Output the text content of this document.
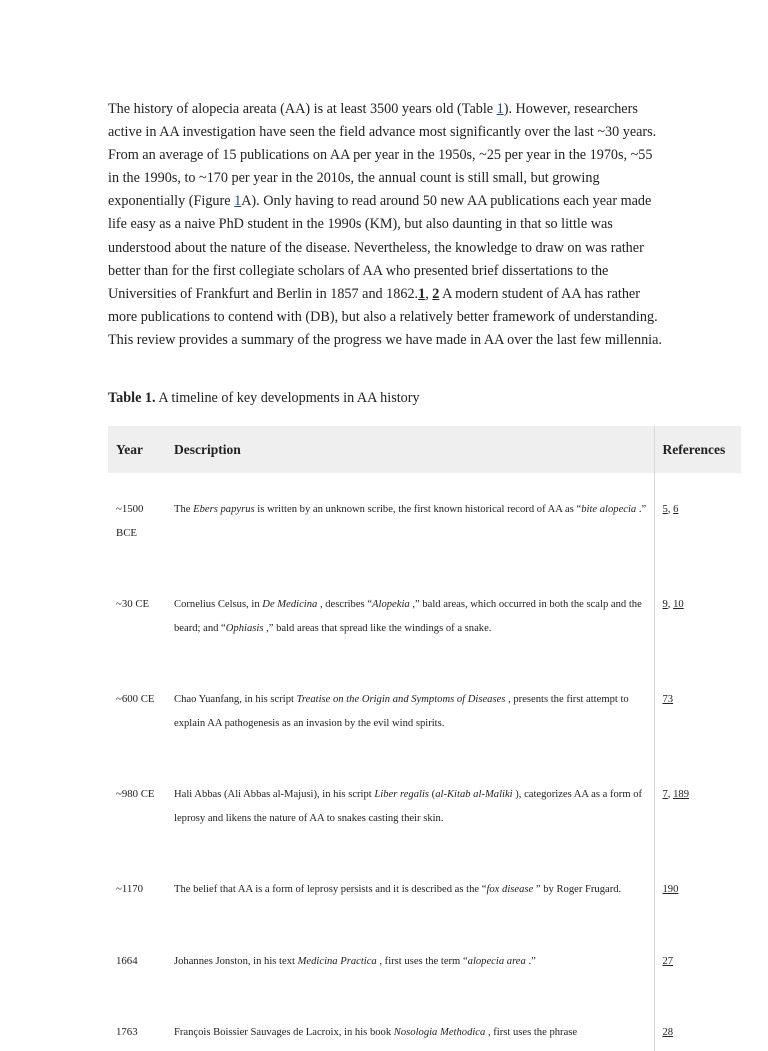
The history of alopecia areata (AA) is at least 3500 years old (Table 1). However, researchers active in AA investigation have seen the field advance most significantly over the last ~30 years. From an average of 15 publications on AA per year in the 1950s, ~25 per year in the 1970s, ~55 in the 1990s, to ~170 per year in the 2010s, the annual count is still small, but growing exponentially (Figure 1A). Only having to read around 50 new AA publications each year made life easy as a naive PhD student in the 1990s (KM), but also daunting in that so little was understood about the nature of the disease. Nevertheless, the knowledge to draw on was rather better than for the first collegiate scholars of AA who presented brief dissertations to the Universities of Frankfurt and Berlin in 1857 and 1862.1, 2 A modern student of AA has rather more publications to contend with (DB), but also a relatively better framework of understanding. This review provides a summary of the progress we have made in AA over the last few millennia.

Table 1. A timeline of key developments in AA history

Year	Description	References
~1500 BCE	The Ebers papyrus is written by an unknown scribe, the first known historical record of AA as “bite alopecia .”	5, 6
~30 CE	Cornelius Celsus, in De Medicina , describes “Alopekia ,” bald areas, which occurred in both the scalp and the beard; and “Ophiasis ,” bald areas that spread like the windings of a snake.	9, 10
~600 CE	Chao Yuanfang, in his script Treatise on the Origin and Symptoms of Diseases , presents the first attempt to explain AA pathogenesis as an invasion by the evil wind spirits.	73
~980 CE	Hali Abbas (Ali Abbas al-Majusi), in his script Liber regalis (al-Kitab al-Maliki ), categorizes AA as a form of leprosy and likens the nature of AA to snakes casting their skin.	7, 189
~1170	The belief that AA is a form of leprosy persists and it is described as the “fox disease ” by Roger Frugard.	190
1664	Johannes Jonston, in his text Medicina Practica , first uses the term “alopecia area .”	27
1763	François Boissier Sauvages de Lacroix, in his book Nosologia Methodica , first uses the phrase	28
